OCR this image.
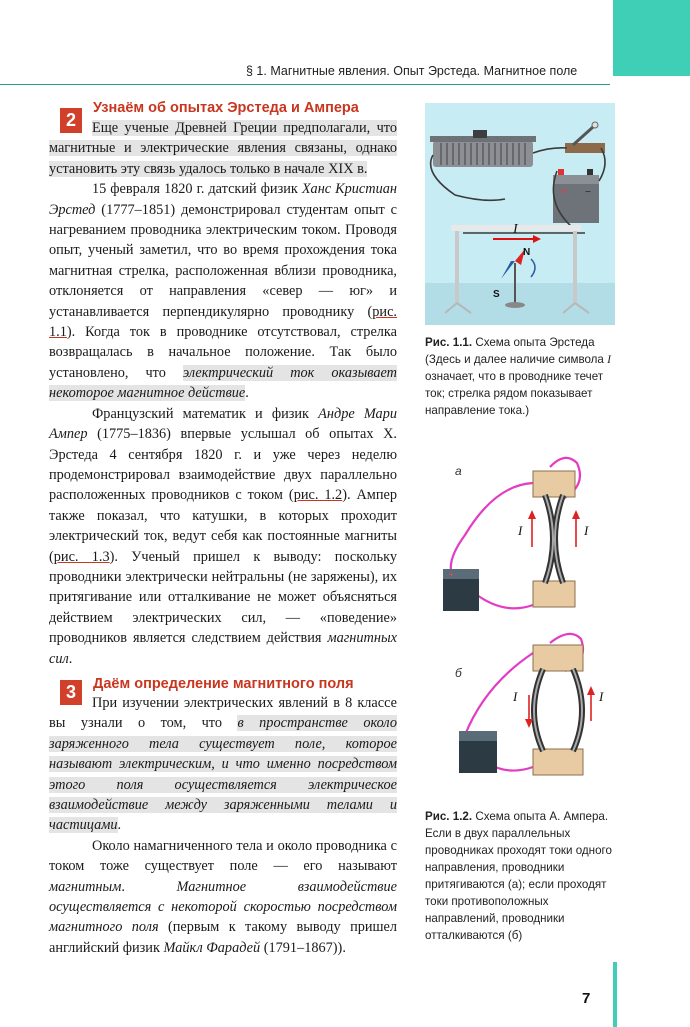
§ 1. Магнитные явления. Опыт Эрстеда. Магнитное поле
2
Узнаём об опытах Эрстеда и Ампера

Еще ученые Древней Греции предполагали, что магнитные и электрические явления связаны, однако установить эту связь удалось только в начале XIX в.

15 февраля 1820 г. датский физик Ханс Кристиан Эрстед (1777–1851) демонстрировал студентам опыт с нагреванием проводника электрическим током. Проводя опыт, ученый заметил, что во время прохождения тока магнитная стрелка, расположенная вблизи проводника, отклоняется от направления «север — юг» и устанавливается перпендикулярно проводнику (рис. 1.1). Когда ток в проводнике отсутствовал, стрелка возвращалась в начальное положение. Так было установлено, что электрический ток оказывает некоторое магнитное действие.

Французский математик и физик Андре Мари Ампер (1775–1836) впервые услышал об опытах Х. Эрстеда 4 сентября 1820 г. и уже через неделю продемонстрировал взаимодействие двух параллельно расположенных проводников с током (рис. 1.2). Ампер также показал, что катушки, в которых проходит электрический ток, ведут себя как постоянные магниты (рис. 1.3). Ученый пришел к выводу: поскольку проводники электрически нейтральны (не заряжены), их притягивание или отталкивание не может объясняться действием электрических сил, — «поведение» проводников является следствием действия магнитных сил.

3	Даём определение магнитного поля

При изучении электрических явлений в 8 классе вы узнали о том, что в пространстве около заряженного тела существует поле, которое называют электрическим, и что именно посредством этого поля осуществляется электрическое взаимодействие между заряженными телами и частицами.

Около намагниченного тела и около проводника с током тоже существует поле — его называют магнитным. Магнитное взаимодействие осуществляется с некоторой скоростью посредством магнитного поля (первым к такому выводу пришел английский физик Майкл Фарадей (1791–1867)).

+ −
I
N
S
Рис. 1.1. Схема опыта Эрстеда (Здесь и далее наличие символа I означает, что в проводнике течет ток; стрелка рядом показывает направление тока.)
+
а
I	I
б
I	I
Рис. 1.2. Схема опыта А. Ампера. Если в двух параллельных проводниках проходят токи одного направления, проводники притягиваются (а); если проходят токи противоположных направлений, проводники отталкиваются (б)
7
